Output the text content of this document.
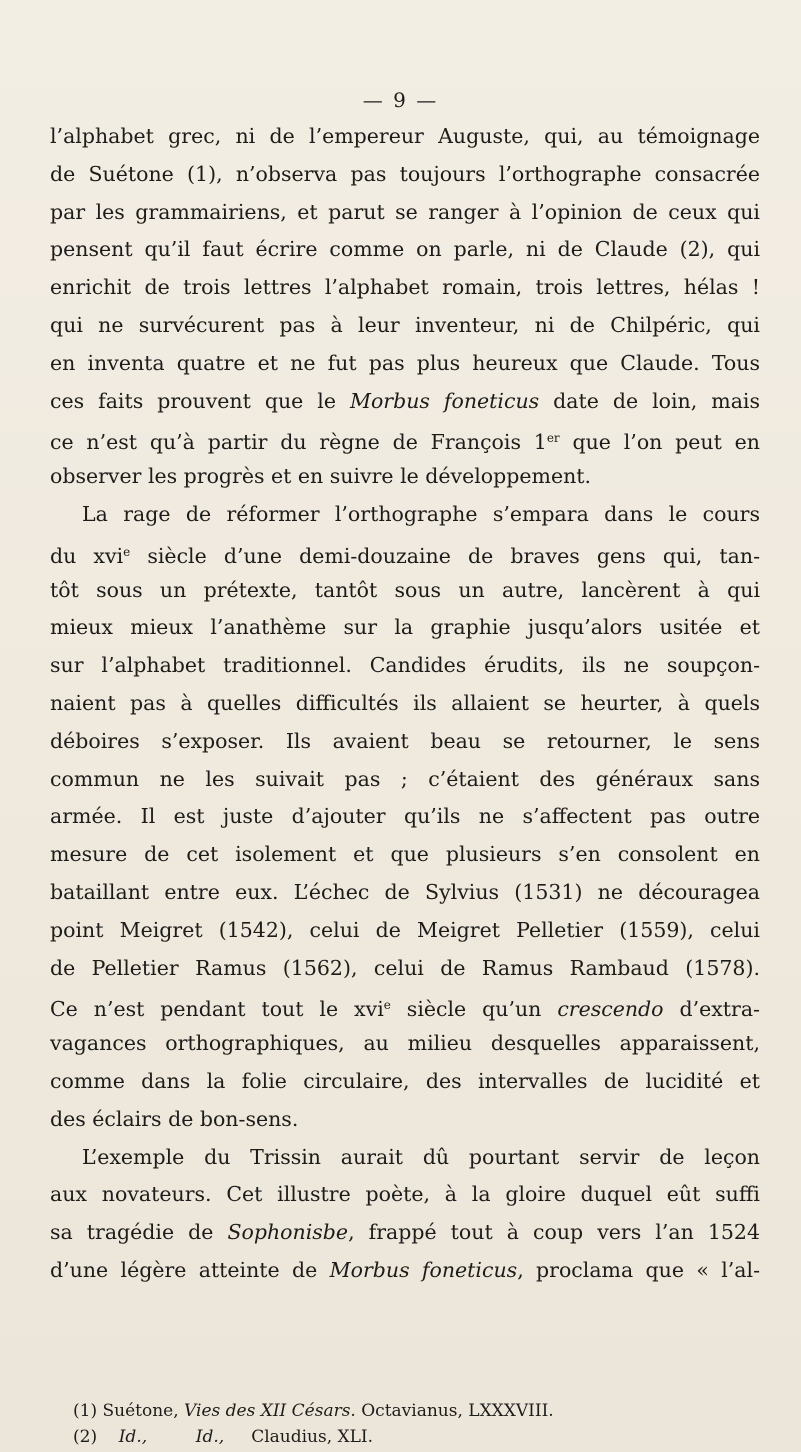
— 9 —
l’alphabet grec, ni de l’empereur Auguste, qui, au témoignage
de Suétone (1), n’observa pas toujours l’orthographe consacrée
par les grammairiens, et parut se ranger à l’opinion de ceux qui
pensent qu’il faut écrire comme on parle, ni de Claude (2), qui
enrichit de trois lettres l’alphabet romain, trois lettres, hélas !
qui ne survécurent pas à leur inventeur, ni de Chilpéric, qui
en inventa quatre et ne fut pas plus heureux que Claude. Tous
ces faits prouvent que le Morbus foneticus date de loin, mais
ce n’est qu’à partir du règne de François 1er que l’on peut en
observer les progrès et en suivre le développement.
La rage de réformer l’orthographe s’empara dans le cours
du xvi$^e$ siècle d’une demi-douzaine de braves gens qui, tan-
tôt sous un prétexte, tantôt sous un autre, lancèrent à qui
mieux mieux l’anathème sur la graphie jusqu’alors usitée et
sur l’alphabet traditionnel. Candides érudits, ils ne soupçon-
naient pas à quelles difficultés ils allaient se heurter, à quels
déboires s’exposer. Ils avaient beau se retourner, le sens
commun ne les suivait pas ; c’étaient des généraux sans
armée. Il est juste d’ajouter qu’ils ne s’affectent pas outre
mesure de cet isolement et que plusieurs s’en consolent en
bataillant entre eux. L’échec de Sylvius (1531) ne découragea
point Meigret (1542), celui de Meigret Pelletier (1559), celui
de Pelletier Ramus (1562), celui de Ramus Rambaud (1578).
Ce n’est pendant tout le xvi$^e$ siècle qu’un crescendo d’extra-
vagances orthographiques, au milieu desquelles apparaissent,
comme dans la folie circulaire, des intervalles de lucidité et
des éclairs de bon-sens.
L’exemple du Trissin aurait dû pourtant servir de leçon
aux novateurs. Cet illustre poète, à la gloire duquel eût suffi
sa tragédie de Sophonisbe, frappé tout à coup vers l’an 1524
d’une légère atteinte de Morbus foneticus, proclama que « l’al-
(1) Suétone, Vies des XII Césars. Octavianus, LXXXVIII.
(2) Id.,	Id., Claudius, XLI.
